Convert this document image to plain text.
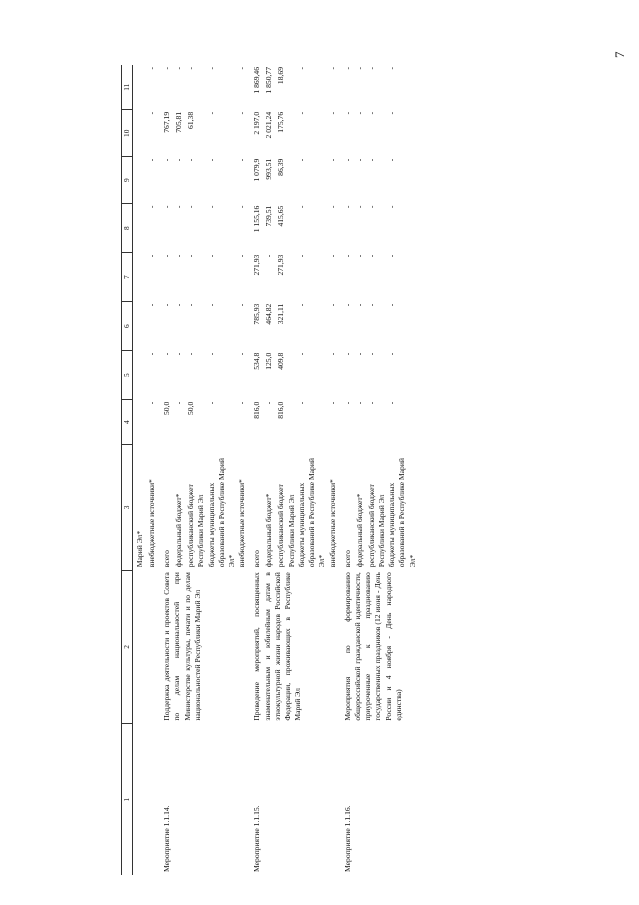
7
1	2	3	4	5	6	7	8	9	10	11
		Марий Эл*								
		внебюджетные источники*	-	-	-	-	-	-	-	-
Мероприятие 1.1.14.	Поддержка деятельности и проектов Совета по делам национальностей при Министерстве культуры, печати и по делам национальностей Республики Марий Эл	всего	50,0	-	-	-	-	-	767,19	-
		федеральный бюджет*	-	-	-	-	-	-	705,81	-
		республиканский бюджет Республики Марий Эл	50,0	-	-	-	-	-	61,38	-
		бюджеты муниципальных образований в Республике Марий Эл*	-	-	-	-	-	-	-	-
		внебюджетные источники*	-	-	-	-	-	-	-	-
Мероприятие 1.1.15.	Проведение мероприятий, посвященных знаменательным и юбилейным датам в этнокультурной жизни народов Российской Федерации, проживающих в Республике Марий Эл	всего	816,0	534,8	785,93	271,93	1 155,16	1 079,9	2 197,0	1 869,46
		федеральный бюджет*	-	125,0	464,82	-	739,51	993,51	2 021,24	1 850,77
		республиканский бюджет Республики Марий Эл	816,0	409,8	321,11	271,93	415,65	86,39	175,76	18,69
		бюджеты муниципальных образований в Республике Марий Эл*	-	-	-	-	-	-	-	-
		внебюджетные источники*	-	-	-	-	-	-	-	-
Мероприятие 1.1.16.	Мероприятия по формированию общероссийской гражданской идентичности, приуроченные к празднованию государственных праздников (12 июня - День России и 4 ноября - День народного единства)	всего	-	-	-	-	-	-	-	-
		федеральный бюджет*	-	-	-	-	-	-	-	-
		республиканский бюджет Республики Марий Эл	-	-	-	-	-	-	-	-
		бюджеты муниципальных образований в Республике Марий Эл*	-	-	-	-	-	-	-	-
